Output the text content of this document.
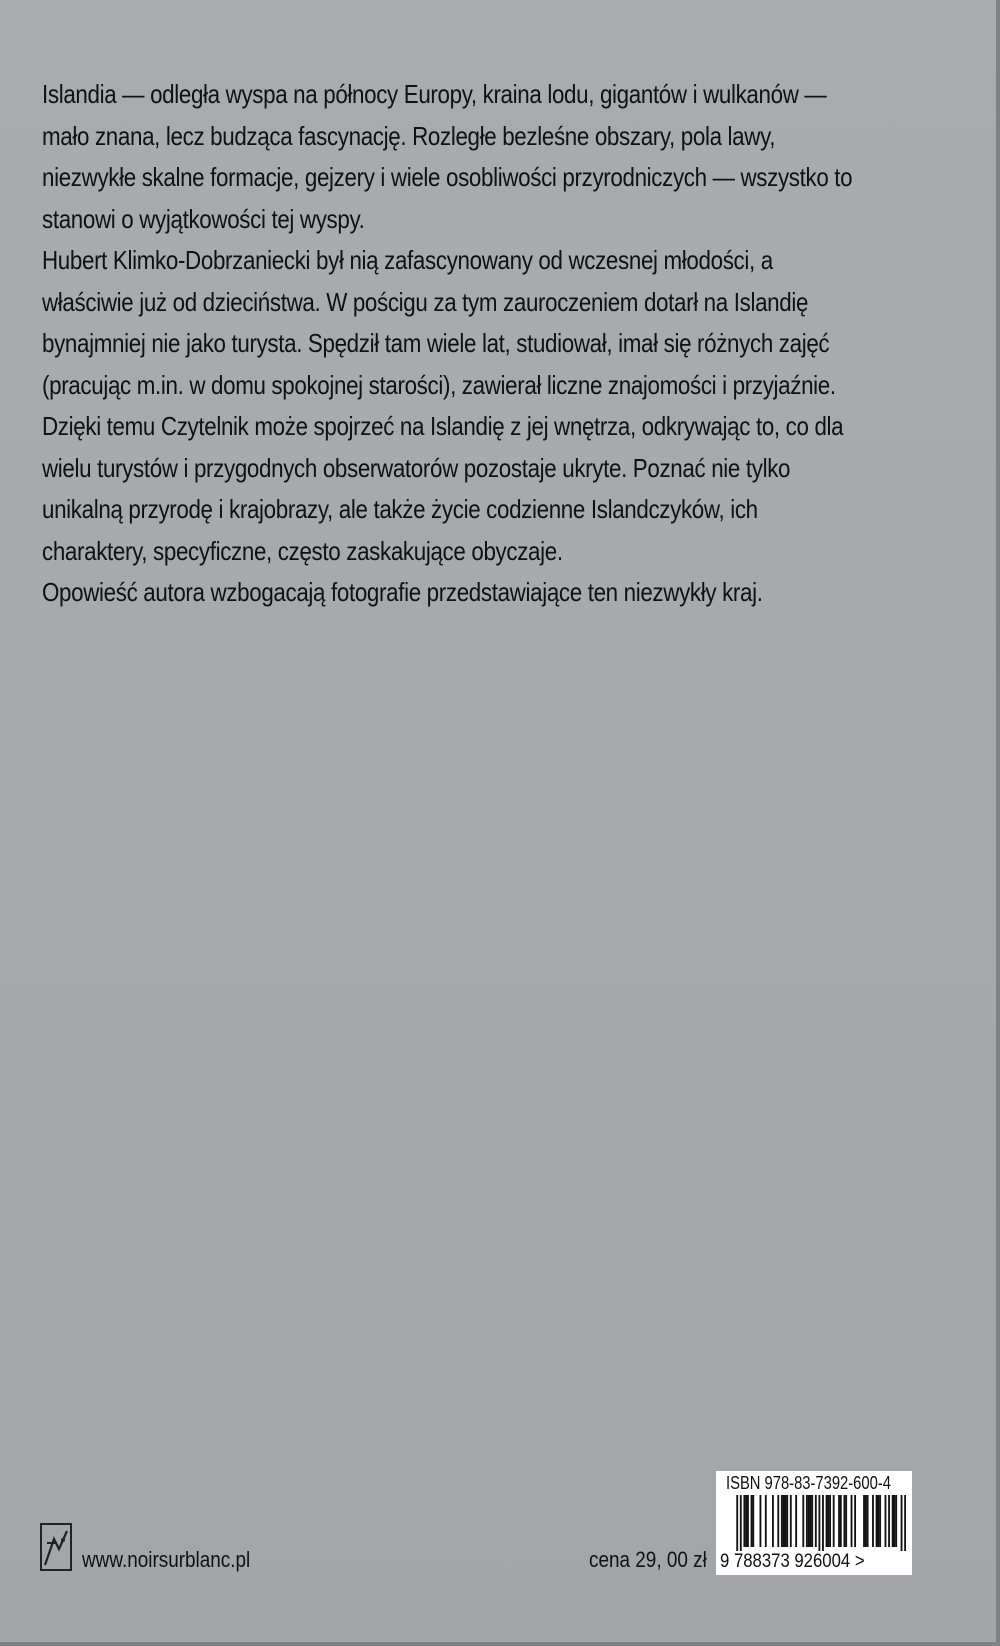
Islandia — odległa wyspa na północy Europy, kraina lodu, gigantów i wulkanów — mało znana, lecz budząca fascynację. Rozległe bezleśne obszary, pola lawy, niezwykłe skalne formacje, gejzery i wiele osobliwości przyrodniczych — wszystko to stanowi o wyjątkowości tej wyspy.

Hubert Klimko-Dobrzaniecki był nią zafascynowany od wczesnej młodości, a właściwie już od dzieciństwa. W pościgu za tym zauroczeniem dotarł na Islandię bynajmniej nie jako turysta. Spędził tam wiele lat, studiował, imał się różnych zajęć (pracując m.in. w domu spokojnej starości), zawierał liczne znajomości i przyjaźnie. Dzięki temu Czytelnik może spojrzeć na Islandię z jej wnętrza, odkrywając to, co dla wielu turystów i przygodnych obserwatorów pozostaje ukryte. Poznać nie tylko unikalną przyrodę i krajobrazy, ale także życie codzienne Islandczyków, ich charaktery, specyficzne, często zaskakujące obyczaje.

Opowieść autora wzbogacają fotografie przedstawiające ten niezwykły kraj.

www.noirsurblanc.pl	cena 29, 00 zł
ISBN 978-83-7392-600-4
9 788373 926004 >
